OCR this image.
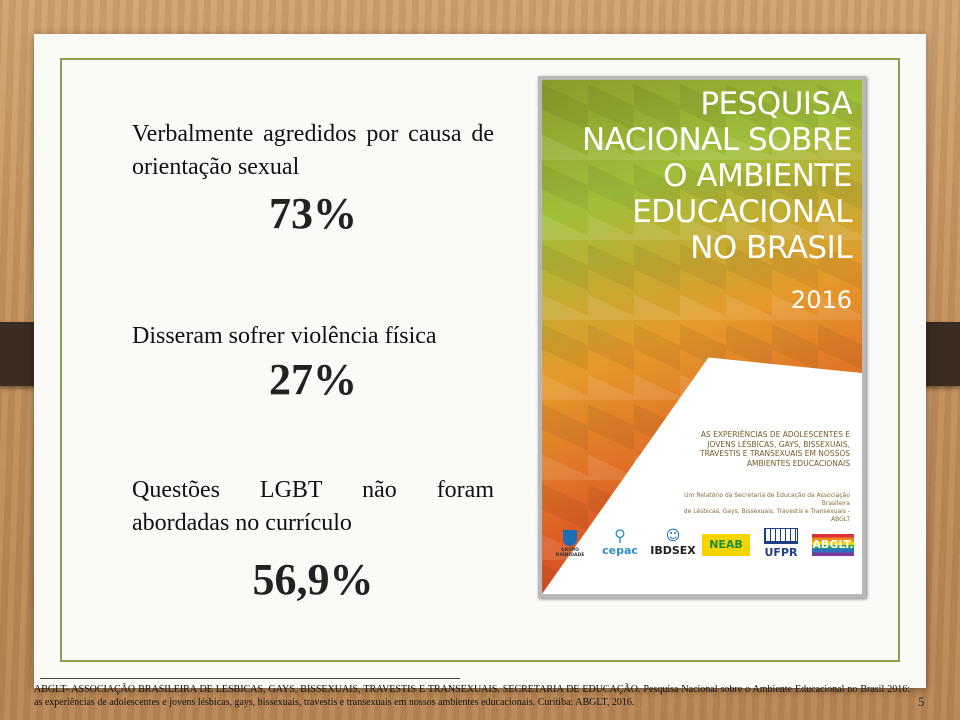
Verbalmente agredidos por causa de orientação sexual
73%
Disseram sofrer violência física
27%
Questões LGBT não foram abordadas no currículo
56,9%
PESQUISA
NACIONAL SOBRE
O AMBIENTE
EDUCACIONAL
NO BRASIL
2016
AS EXPERIÊNCIAS DE ADOLESCENTES E
JOVENS LÉSBICAS, GAYS, BISSEXUAIS,
TRAVESTIS E TRANSEXUAIS EM NOSSOS
AMBIENTES EDUCACIONAIS
Um Relatório da Secretaria de Educação da Associação Brasileira
de Lésbicas, Gays, Bissexuais, Travestis e Transexuais - ABGLT
GRUPO DIGNIDADE
⚲
cepac
☺
IBDSEX	NEAB
UFPR
ABGLT.
ABGLT- ASSOCIAÇÃO BRASILEIRA DE LESBICAS, GAYS, BISSEXUAIS, TRAVESTIS E TRANSEXUAIS. SECRETARIA DE EDUCAÇÃO. Pesquisa Nacional sobre o Ambiente Educacional no Brasil 2016: as experiências de adolescentes e jovens lésbicas, gays, bissexuais, travestis e transexuais em nossos ambientes educacionais. Curitiba: ABGLT, 2016.	5
